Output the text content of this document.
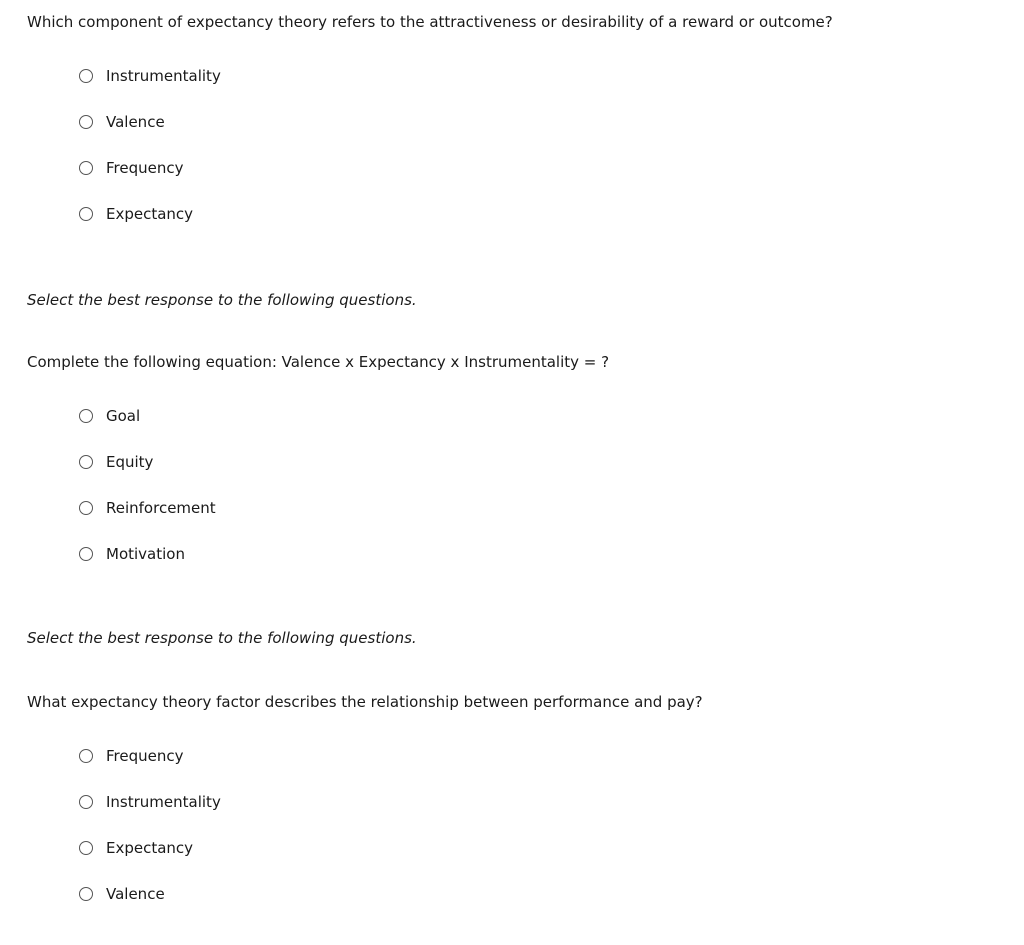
Which component of expectancy theory refers to the attractiveness or desirability of a reward or outcome?

Instrumentality
Valence
Frequency
Expectancy

Select the best response to the following questions.

Complete the following equation: Valence x Expectancy x Instrumentality = ?

Goal
Equity
Reinforcement
Motivation

Select the best response to the following questions.

What expectancy theory factor describes the relationship between performance and pay?

Frequency
Instrumentality
Expectancy
Valence
